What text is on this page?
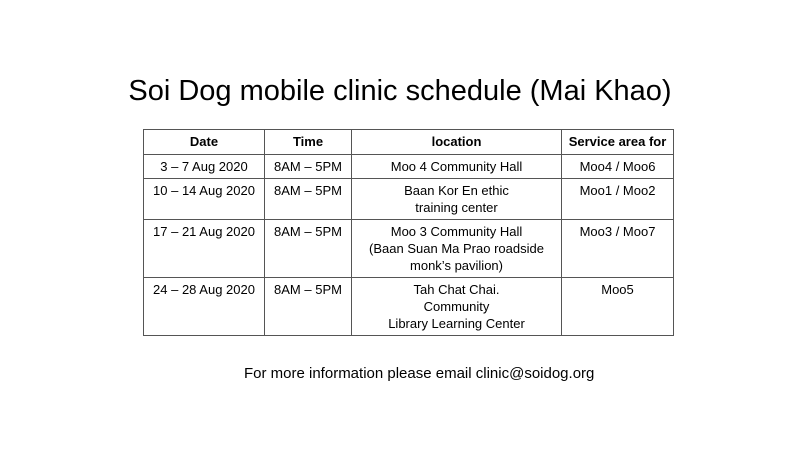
Soi Dog mobile clinic schedule (Mai Khao)
Date	Time	location	Service area for
3 – 7 Aug 2020	8AM – 5PM	Moo 4 Community Hall	Moo4 / Moo6
10 – 14 Aug 2020	8AM – 5PM	Baan Kor En ethic
training center	Moo1 / Moo2
17 – 21 Aug 2020	8AM – 5PM	Moo 3 Community Hall
(Baan Suan Ma Prao roadside
monk’s pavilion)	Moo3 / Moo7
24 – 28 Aug 2020	8AM – 5PM	Tah Chat Chai.
Community
Library Learning Center	Moo5
For more information please email clinic@soidog.org
